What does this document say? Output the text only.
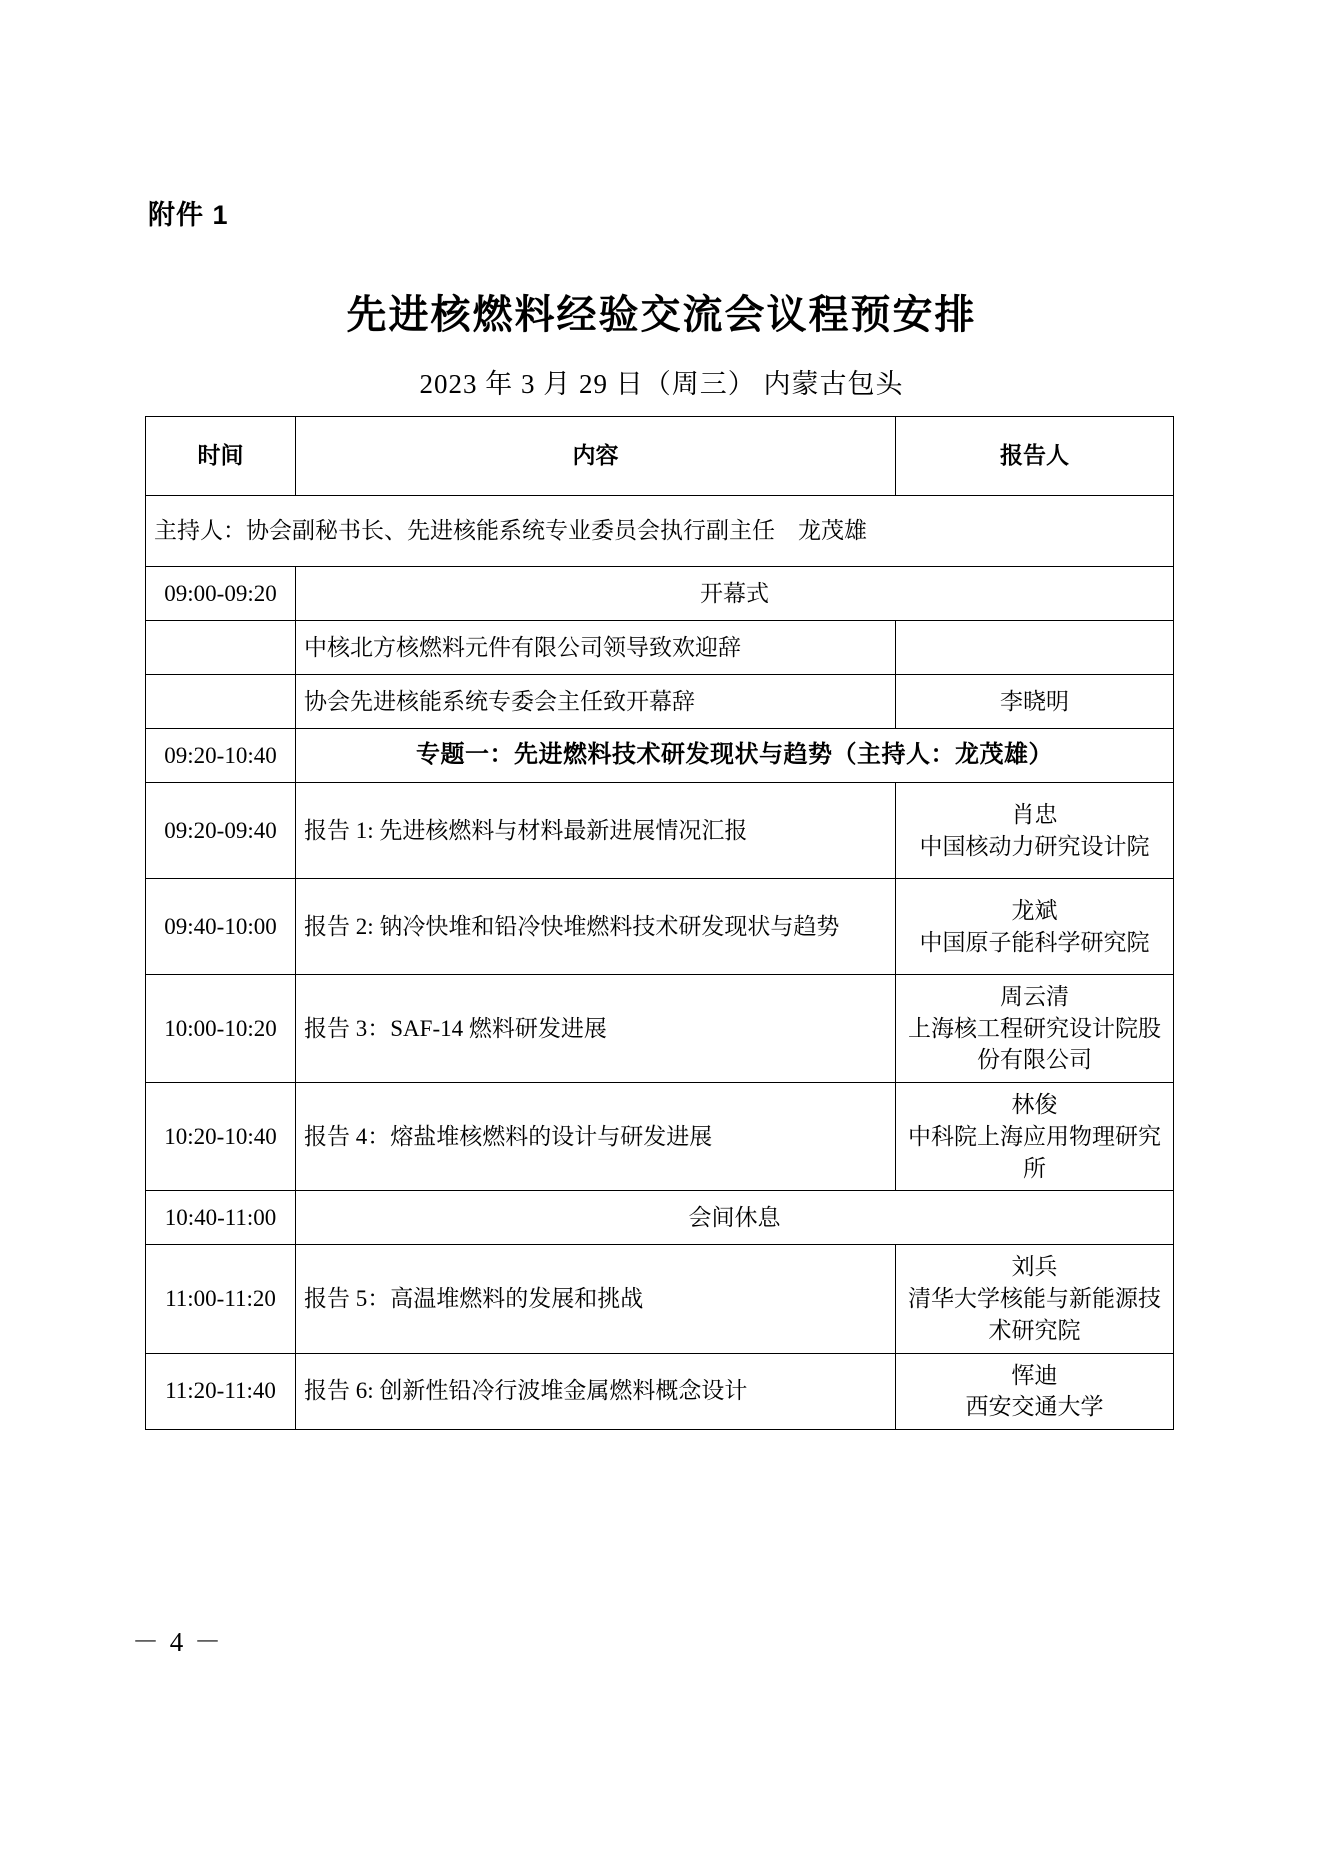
附件 1
先进核燃料经验交流会议程预安排
2023 年 3 月 29 日（周三） 内蒙古包头
时间	内容	报告人
主持人：协会副秘书长、先进核能系统专业委员会执行副主任　龙茂雄		
09:00-09:20	开幕式	
	中核北方核燃料元件有限公司领导致欢迎辞	
	协会先进核能系统专委会主任致开幕辞	李晓明
09:20-10:40	专题一：先进燃料技术研发现状与趋势（主持人：龙茂雄）	
09:20-09:40	报告 1: 先进核燃料与材料最新进展情况汇报	肖忠
中国核动力研究设计院
09:40-10:00	报告 2: 钠冷快堆和铅冷快堆燃料技术研发现状与趋势	龙斌
中国原子能科学研究院
10:00-10:20	报告 3：SAF-14 燃料研发进展	周云清
上海核工程研究设计院股份有限公司
10:20-10:40	报告 4：熔盐堆核燃料的设计与研发进展	林俊
中科院上海应用物理研究所
10:40-11:00	会间休息	
11:00-11:20	报告 5：高温堆燃料的发展和挑战	刘兵
清华大学核能与新能源技术研究院
11:20-11:40	报告 6: 创新性铅冷行波堆金属燃料概念设计	恽迪
西安交通大学
－ 4 －
